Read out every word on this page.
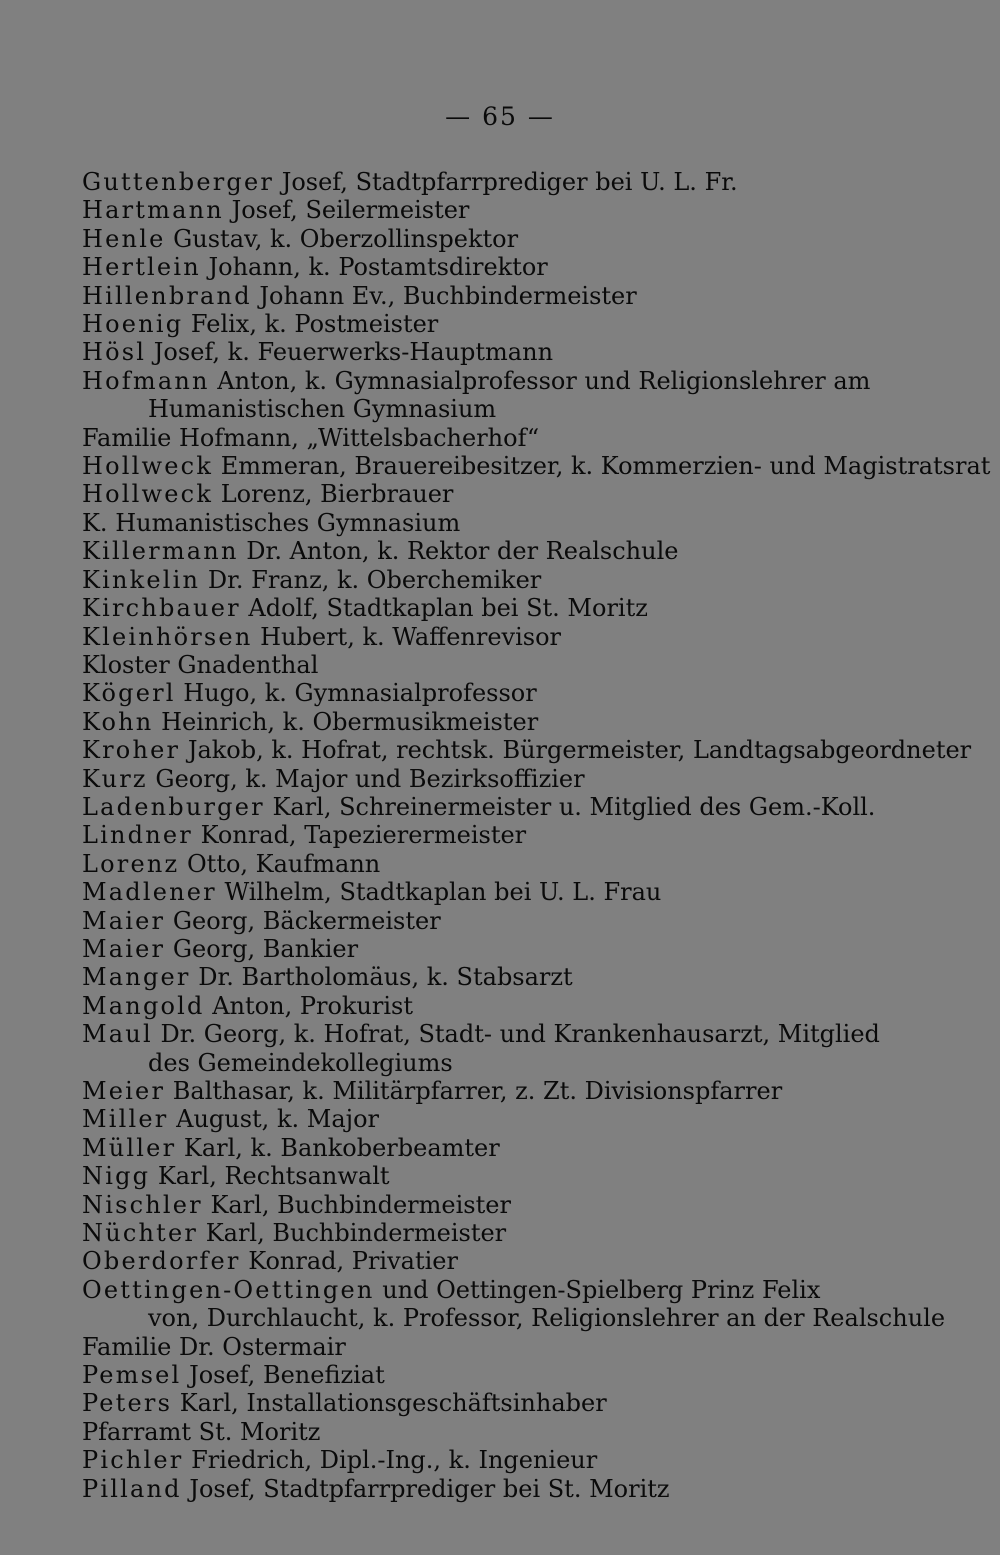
— 65 —
Guttenberger Josef, Stadtpfarrprediger bei U. L. Fr.
Hartmann Josef, Seilermeister
Henle Gustav, k. Oberzollinspektor
Hertlein Johann, k. Postamtsdirektor
Hillenbrand Johann Ev., Buchbindermeister
Hoenig Felix, k. Postmeister
Hösl Josef, k. Feuerwerks-Hauptmann
Hofmann Anton, k. Gymnasialprofessor und Religionslehrer am
Humanistischen Gymnasium
Familie Hofmann, „Wittelsbacherhof“
Hollweck Emmeran, Brauereibesitzer, k. Kommerzien- und Magistratsrat
Hollweck Lorenz, Bierbrauer
K. Humanistisches Gymnasium
Killermann Dr. Anton, k. Rektor der Realschule
Kinkelin Dr. Franz, k. Oberchemiker
Kirchbauer Adolf, Stadtkaplan bei St. Moritz
Kleinhörsen Hubert, k. Waffenrevisor
Kloster Gnadenthal
Kögerl Hugo, k. Gymnasialprofessor
Kohn Heinrich, k. Obermusikmeister
Kroher Jakob, k. Hofrat, rechtsk. Bürgermeister, Landtagsabgeordneter
Kurz Georg, k. Major und Bezirksoffizier
Ladenburger Karl, Schreinermeister u. Mitglied des Gem.-Koll.
Lindner Konrad, Tapezierermeister
Lorenz Otto, Kaufmann
Madlener Wilhelm, Stadtkaplan bei U. L. Frau
Maier Georg, Bäckermeister
Maier Georg, Bankier
Manger Dr. Bartholomäus, k. Stabsarzt
Mangold Anton, Prokurist
Maul Dr. Georg, k. Hofrat, Stadt- und Krankenhausarzt, Mitglied
des Gemeindekollegiums
Meier Balthasar, k. Militärpfarrer, z. Zt. Divisionspfarrer
Miller August, k. Major
Müller Karl, k. Bankoberbeamter
Nigg Karl, Rechtsanwalt
Nischler Karl, Buchbindermeister
Nüchter Karl, Buchbindermeister
Oberdorfer Konrad, Privatier
Oettingen-Oettingen und Oettingen-Spielberg Prinz Felix
von, Durchlaucht, k. Professor, Religionslehrer an der Realschule
Familie Dr. Ostermair
Pemsel Josef, Benefiziat
Peters Karl, Installationsgeschäftsinhaber
Pfarramt St. Moritz
Pichler Friedrich, Dipl.-Ing., k. Ingenieur
Pilland Josef, Stadtpfarrprediger bei St. Moritz
